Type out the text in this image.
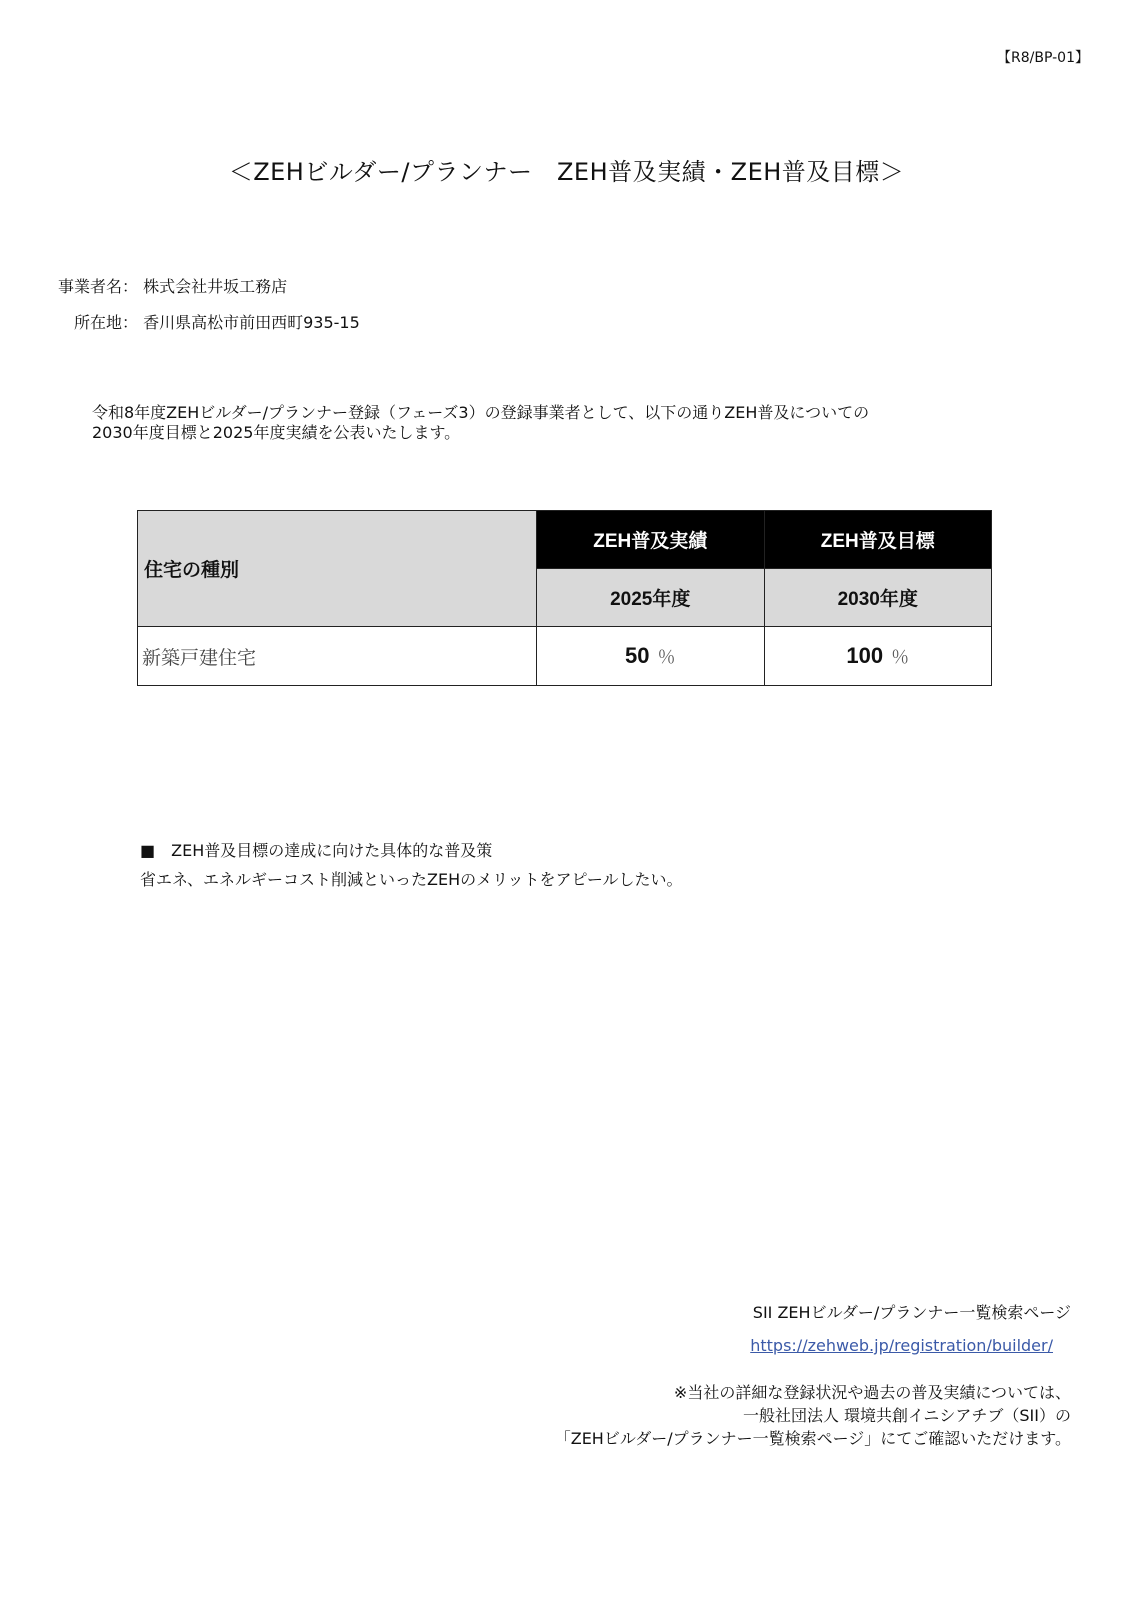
【R8/BP-01】
＜ZEHビルダー/プランナー　ZEH普及実績・ZEH普及目標＞
事業者名： 株式会社井坂工務店
所在地： 香川県高松市前田西町935-15

令和8年度ZEHビルダー/プランナー登録（フェーズ3）の登録事業者として、以下の通りZEH普及についての

2030年度目標と2025年度実績を公表いたします。

住宅の種別	ZEH普及実績	ZEH普及目標
	2025年度	2030年度
新築戸建住宅	50 ％	100 ％
■　ZEH普及目標の達成に向けた具体的な普及策
省エネ、エネルギーコスト削減といったZEHのメリットをアピールしたい。
SII ZEHビルダー/プランナー一覧検索ページ
https://zehweb.jp/registration/builder/
※当社の詳細な登録状況や過去の普及実績については、
一般社団法人 環境共創イニシアチブ（SII）の
「ZEHビルダー/プランナー一覧検索ページ」にてご確認いただけます。
